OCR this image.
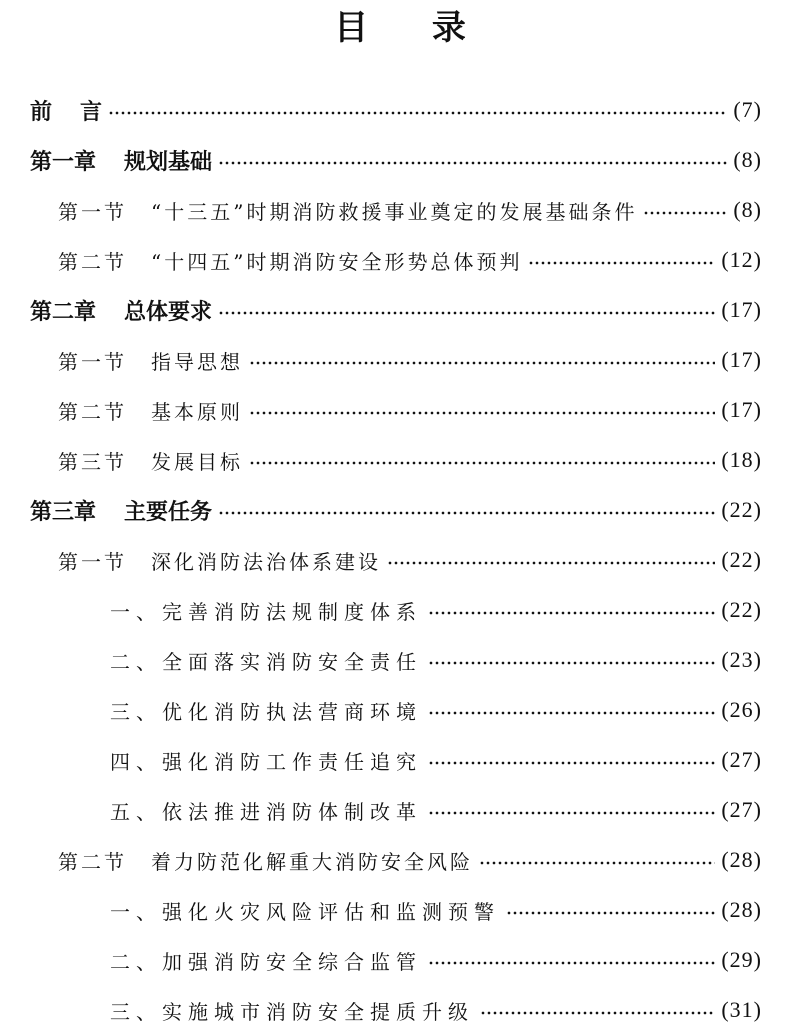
目 录
前 言	(7)
第一章 规划基础	(8)
第一节 “十三五”时期消防救援事业奠定的发展基础条件	(8)
第二节 “十四五”时期消防安全形势总体预判	(12)
第二章 总体要求	(17)
第一节 指导思想	(17)
第二节 基本原则	(17)
第三节 发展目标	(18)
第三章 主要任务	(22)
第一节 深化消防法治体系建设	(22)
一、完善消防法规制度体系	(22)
二、全面落实消防安全责任	(23)
三、优化消防执法营商环境	(26)
四、强化消防工作责任追究	(27)
五、依法推进消防体制改革	(27)
第二节 着力防范化解重大消防安全风险	(28)
一、强化火灾风险评估和监测预警	(28)
二、加强消防安全综合监管	(29)
三、实施城市消防安全提质升级	(31)
